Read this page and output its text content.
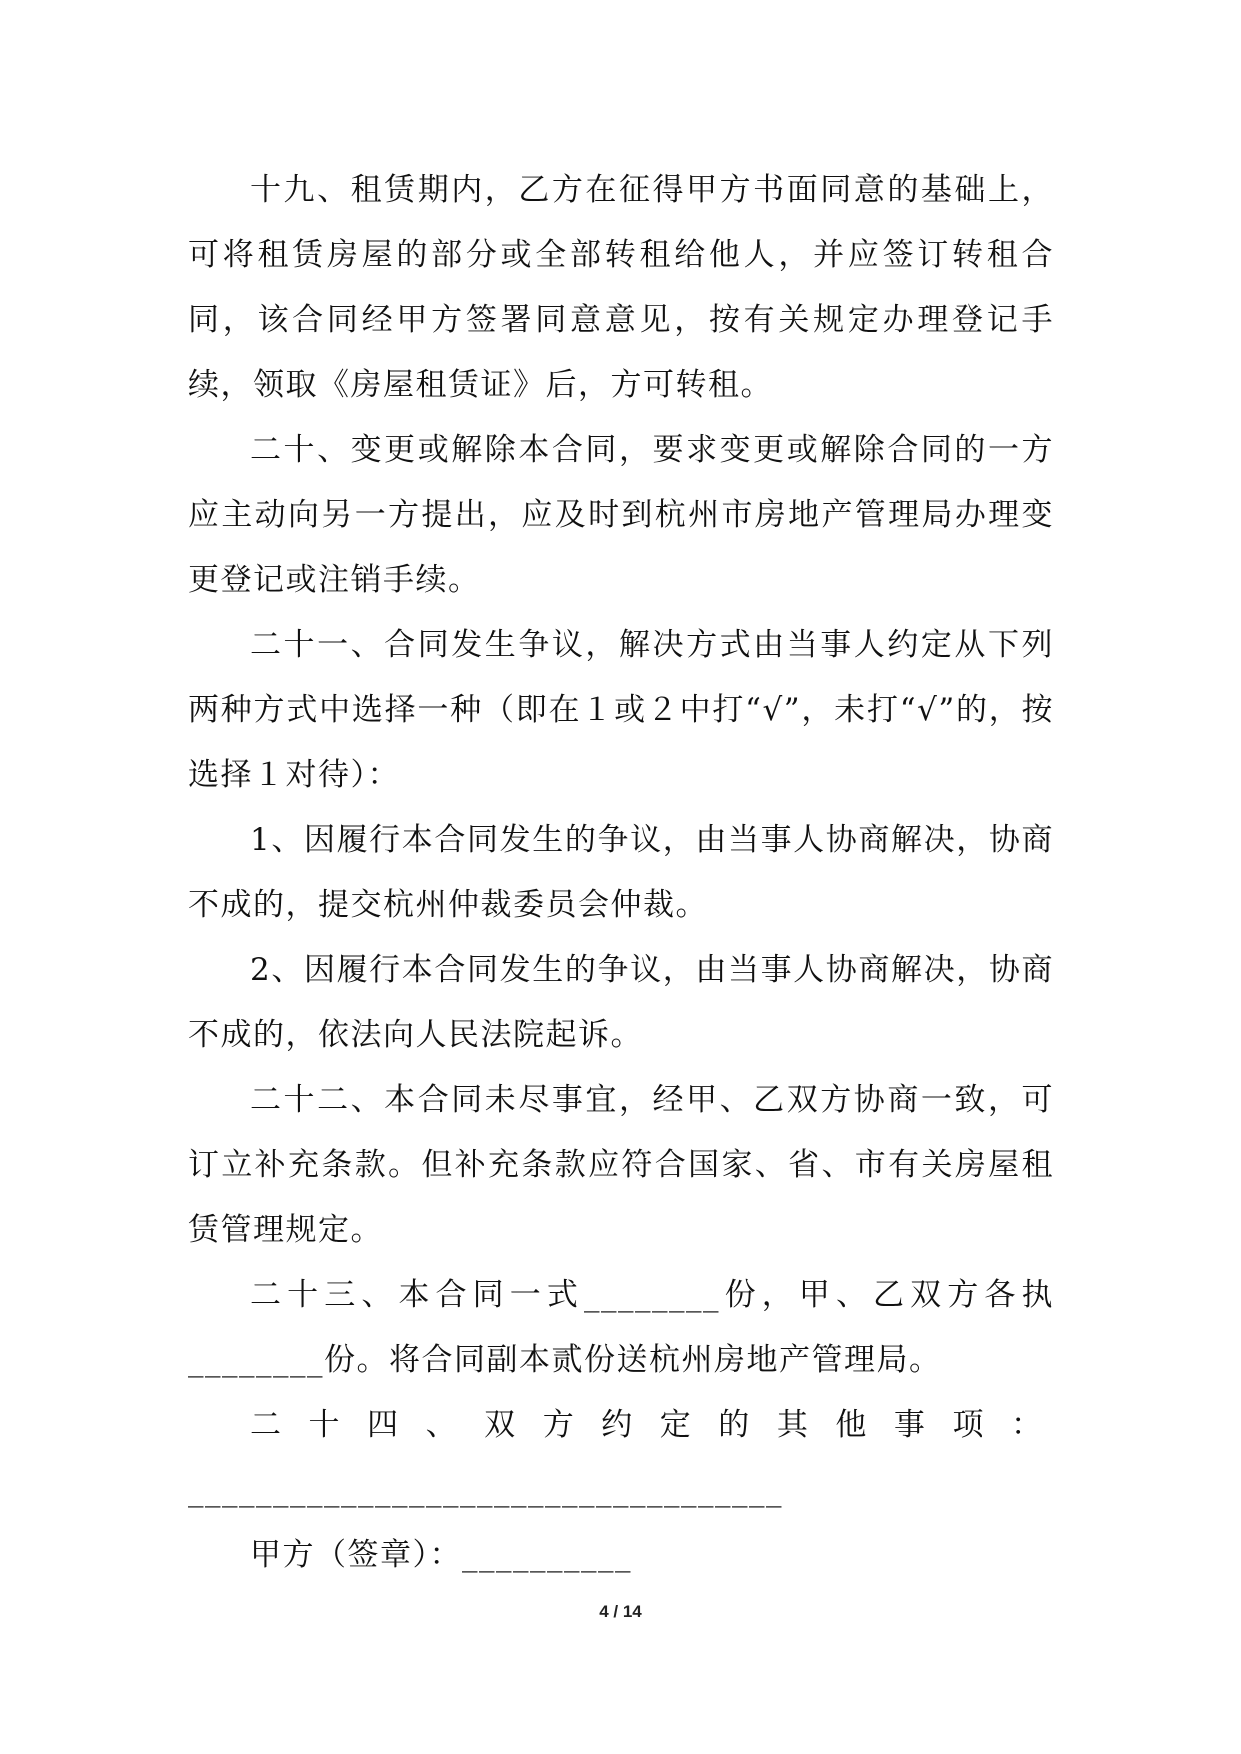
十九、租赁期内，乙方在征得甲方书面同意的基础上，可将租赁房屋的部分或全部转租给他人，并应签订转租合同，该合同经甲方签署同意意见，按有关规定办理登记手续，领取《房屋租赁证》后，方可转租。

二十、变更或解除本合同，要求变更或解除合同的一方应主动向另一方提出，应及时到杭州市房地产管理局办理变更登记或注销手续。

二十一、合同发生争议，解决方式由当事人约定从下列两种方式中选择一种（即在１或２中打“√”，未打“√”的，按选择１对待）：

1、因履行本合同发生的争议，由当事人协商解决，协商不成的，提交杭州仲裁委员会仲裁。

2、因履行本合同发生的争议，由当事人协商解决，协商不成的，依法向人民法院起诉。

二十二、本合同未尽事宜，经甲、乙双方协商一致，可订立补充条款。但补充条款应符合国家、省、市有关房屋租赁管理规定。

二十三、本合同一式________份，甲、乙双方各执________份。将合同副本贰份送杭州房地产管理局。

二十四、双方约定的其他事项：

___________________________________

甲方（签章）：__________

4 / 14
